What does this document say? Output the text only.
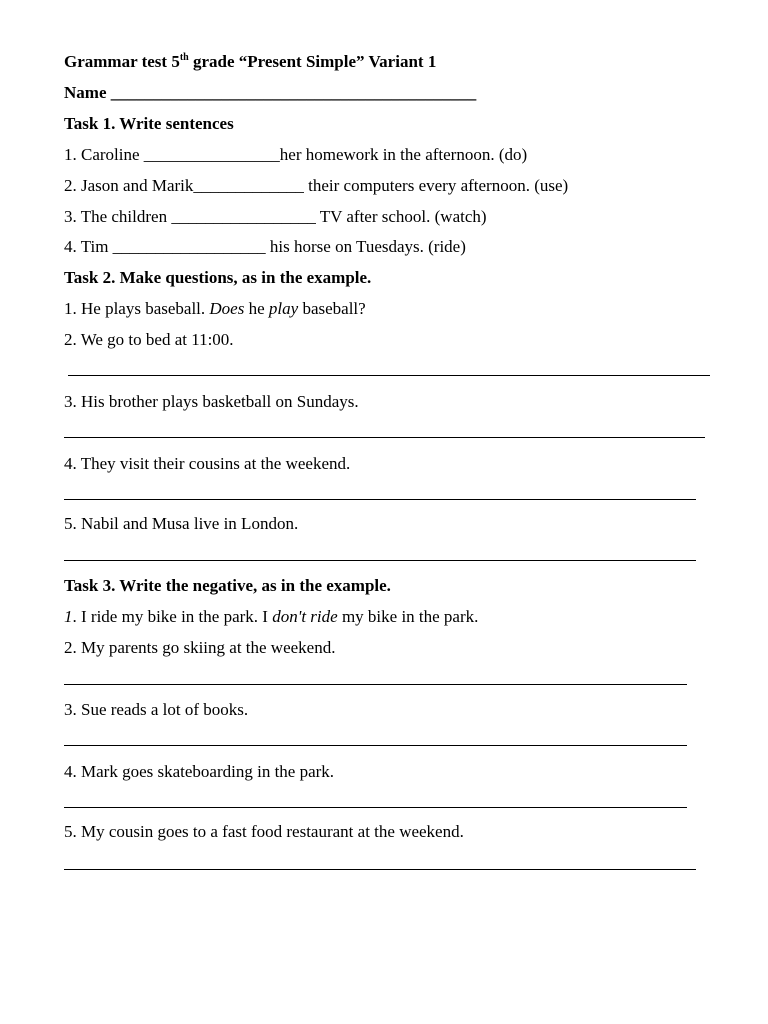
Grammar test 5th grade “Present Simple” Variant 1
Name ___________________________________________
Task 1. Write sentences
1. Caroline ________________her homework in the afternoon. (do)
2. Jason and Marik_____________ their computers every afternoon. (use)
3. The children _________________ TV after school. (watch)
4. Tim __________________ his horse on Tuesdays. (ride)
Task 2. Make questions, as in the example.
1. He plays baseball. Does he play baseball?
2. We go to bed at 11:00.
3. His brother plays basketball on Sundays.
4. They visit their cousins at the weekend.
5. Nabil and Musa live in London.
Task 3. Write the negative, as in the example.
1. I ride my bike in the park. I don't ride my bike in the park.
2. My parents go skiing at the weekend.
3. Sue reads a lot of books.
4. Mark goes skateboarding in the park.
5. My cousin goes to a fast food restaurant at the weekend.
